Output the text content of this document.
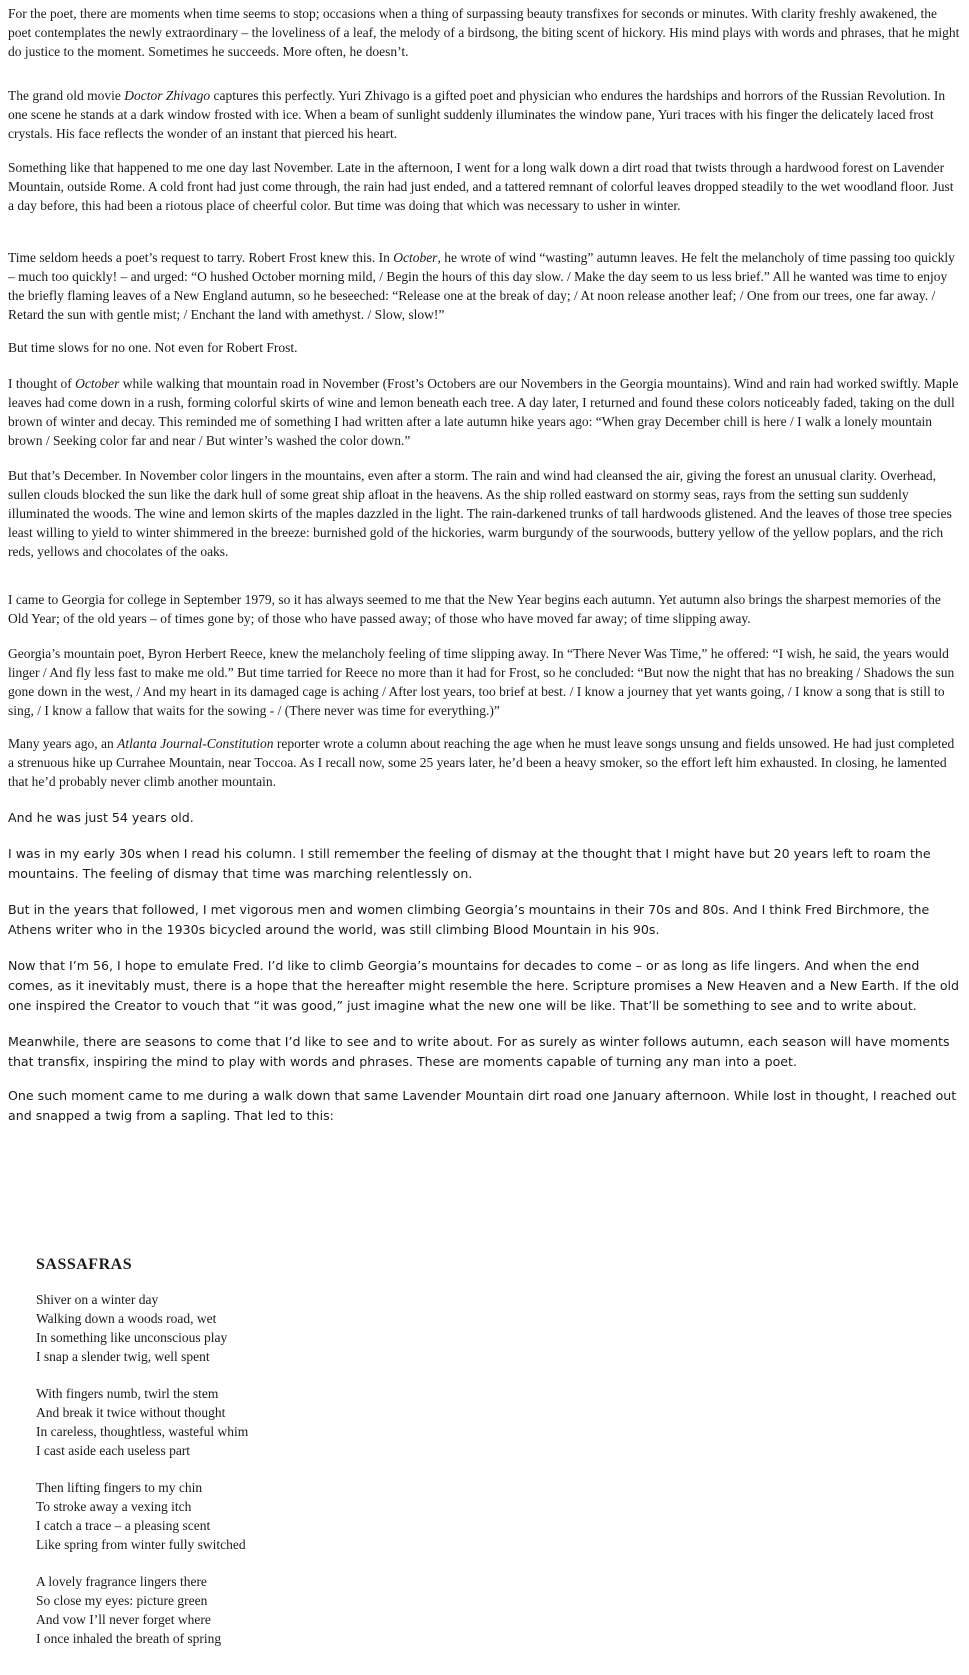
For the poet, there are moments when time seems to stop; occasions when a thing of surpassing beauty transfixes for seconds or minutes. With clarity freshly awakened, the poet contemplates the newly extraordinary – the loveliness of a leaf, the melody of a birdsong, the biting scent of hickory. His mind plays with words and phrases, that he might do justice to the moment. Sometimes he succeeds. More often, he doesn’t.

The grand old movie Doctor Zhivago captures this perfectly. Yuri Zhivago is a gifted poet and physician who endures the hardships and horrors of the Russian Revolution. In one scene he stands at a dark window frosted with ice. When a beam of sunlight suddenly illuminates the window pane, Yuri traces with his finger the delicately laced frost crystals. His face reflects the wonder of an instant that pierced his heart.

Something like that happened to me one day last November. Late in the afternoon, I went for a long walk down a dirt road that twists through a hardwood forest on Lavender Mountain, outside Rome. A cold front had just come through, the rain had just ended, and a tattered remnant of colorful leaves dropped steadily to the wet woodland floor. Just a day before, this had been a riotous place of cheerful color. But time was doing that which was necessary to usher in winter.

Time seldom heeds a poet’s request to tarry. Robert Frost knew this. In October, he wrote of wind “wasting” autumn leaves. He felt the melancholy of time passing too quickly – much too quickly! – and urged: “O hushed October morning mild, / Begin the hours of this day slow. / Make the day seem to us less brief.” All he wanted was time to enjoy the briefly flaming leaves of a New England autumn, so he beseeched: “Release one at the break of day; / At noon release another leaf; / One from our trees, one far away. / Retard the sun with gentle mist; / Enchant the land with amethyst. / Slow, slow!”

But time slows for no one. Not even for Robert Frost.

I thought of October while walking that mountain road in November (Frost’s Octobers are our Novembers in the Georgia mountains). Wind and rain had worked swiftly. Maple leaves had come down in a rush, forming colorful skirts of wine and lemon beneath each tree. A day later, I returned and found these colors noticeably faded, taking on the dull brown of winter and decay. This reminded me of something I had written after a late autumn hike years ago: “When gray December chill is here / I walk a lonely mountain brown / Seeking color far and near / But winter’s washed the color down.”

But that’s December. In November color lingers in the mountains, even after a storm. The rain and wind had cleansed the air, giving the forest an unusual clarity. Overhead, sullen clouds blocked the sun like the dark hull of some great ship afloat in the heavens. As the ship rolled eastward on stormy seas, rays from the setting sun suddenly illuminated the woods. The wine and lemon skirts of the maples dazzled in the light. The rain-darkened trunks of tall hardwoods glistened. And the leaves of those tree species least willing to yield to winter shimmered in the breeze: burnished gold of the hickories, warm burgundy of the sourwoods, buttery yellow of the yellow poplars, and the rich reds, yellows and chocolates of the oaks.

I came to Georgia for college in September 1979, so it has always seemed to me that the New Year begins each autumn. Yet autumn also brings the sharpest memories of the Old Year; of the old years – of times gone by; of those who have passed away; of those who have moved far away; of time slipping away.

Georgia’s mountain poet, Byron Herbert Reece, knew the melancholy feeling of time slipping away. In “There Never Was Time,” he offered: “I wish, he said, the years would linger / And fly less fast to make me old.” But time tarried for Reece no more than it had for Frost, so he concluded: “But now the night that has no breaking / Shadows the sun gone down in the west, / And my heart in its damaged cage is aching / After lost years, too brief at best. / I know a journey that yet wants going, / I know a song that is still to sing, / I know a fallow that waits for the sowing - / (There never was time for everything.)”

Many years ago, an Atlanta Journal-Constitution reporter wrote a column about reaching the age when he must leave songs unsung and fields unsowed. He had just completed a strenuous hike up Currahee Mountain, near Toccoa. As I recall now, some 25 years later, he’d been a heavy smoker, so the effort left him exhausted. In closing, he lamented that he’d probably never climb another mountain.

And he was just 54 years old.

I was in my early 30s when I read his column. I still remember the feeling of dismay at the thought that I might have but 20 years left to roam the mountains. The feeling of dismay that time was marching relentlessly on.

But in the years that followed, I met vigorous men and women climbing Georgia’s mountains in their 70s and 80s. And I think Fred Birchmore, the Athens writer who in the 1930s bicycled around the world, was still climbing Blood Mountain in his 90s.

Now that I’m 56, I hope to emulate Fred. I’d like to climb Georgia’s mountains for decades to come – or as long as life lingers. And when the end comes, as it inevitably must, there is a hope that the hereafter might resemble the here. Scripture promises a New Heaven and a New Earth. If the old one inspired the Creator to vouch that “it was good,” just imagine what the new one will be like. That’ll be something to see and to write about.

Meanwhile, there are seasons to come that I’d like to see and to write about. For as surely as winter follows autumn, each season will have moments that transfix, inspiring the mind to play with words and phrases. These are moments capable of turning any man into a poet.

One such moment came to me during a walk down that same Lavender Mountain dirt road one January afternoon. While lost in thought, I reached out and snapped a twig from a sapling. That led to this:

SASSAFRAS
Shiver on a winter day
Walking down a woods road, wet
In something like unconscious play
I snap a slender twig, well spent
With fingers numb, twirl the stem
And break it twice without thought
In careless, thoughtless, wasteful whim
I cast aside each useless part
Then lifting fingers to my chin
To stroke away a vexing itch
I catch a trace – a pleasing scent
Like spring from winter fully switched
A lovely fragrance lingers there
So close my eyes: picture green
And vow I’ll never forget where
I once inhaled the breath of spring
